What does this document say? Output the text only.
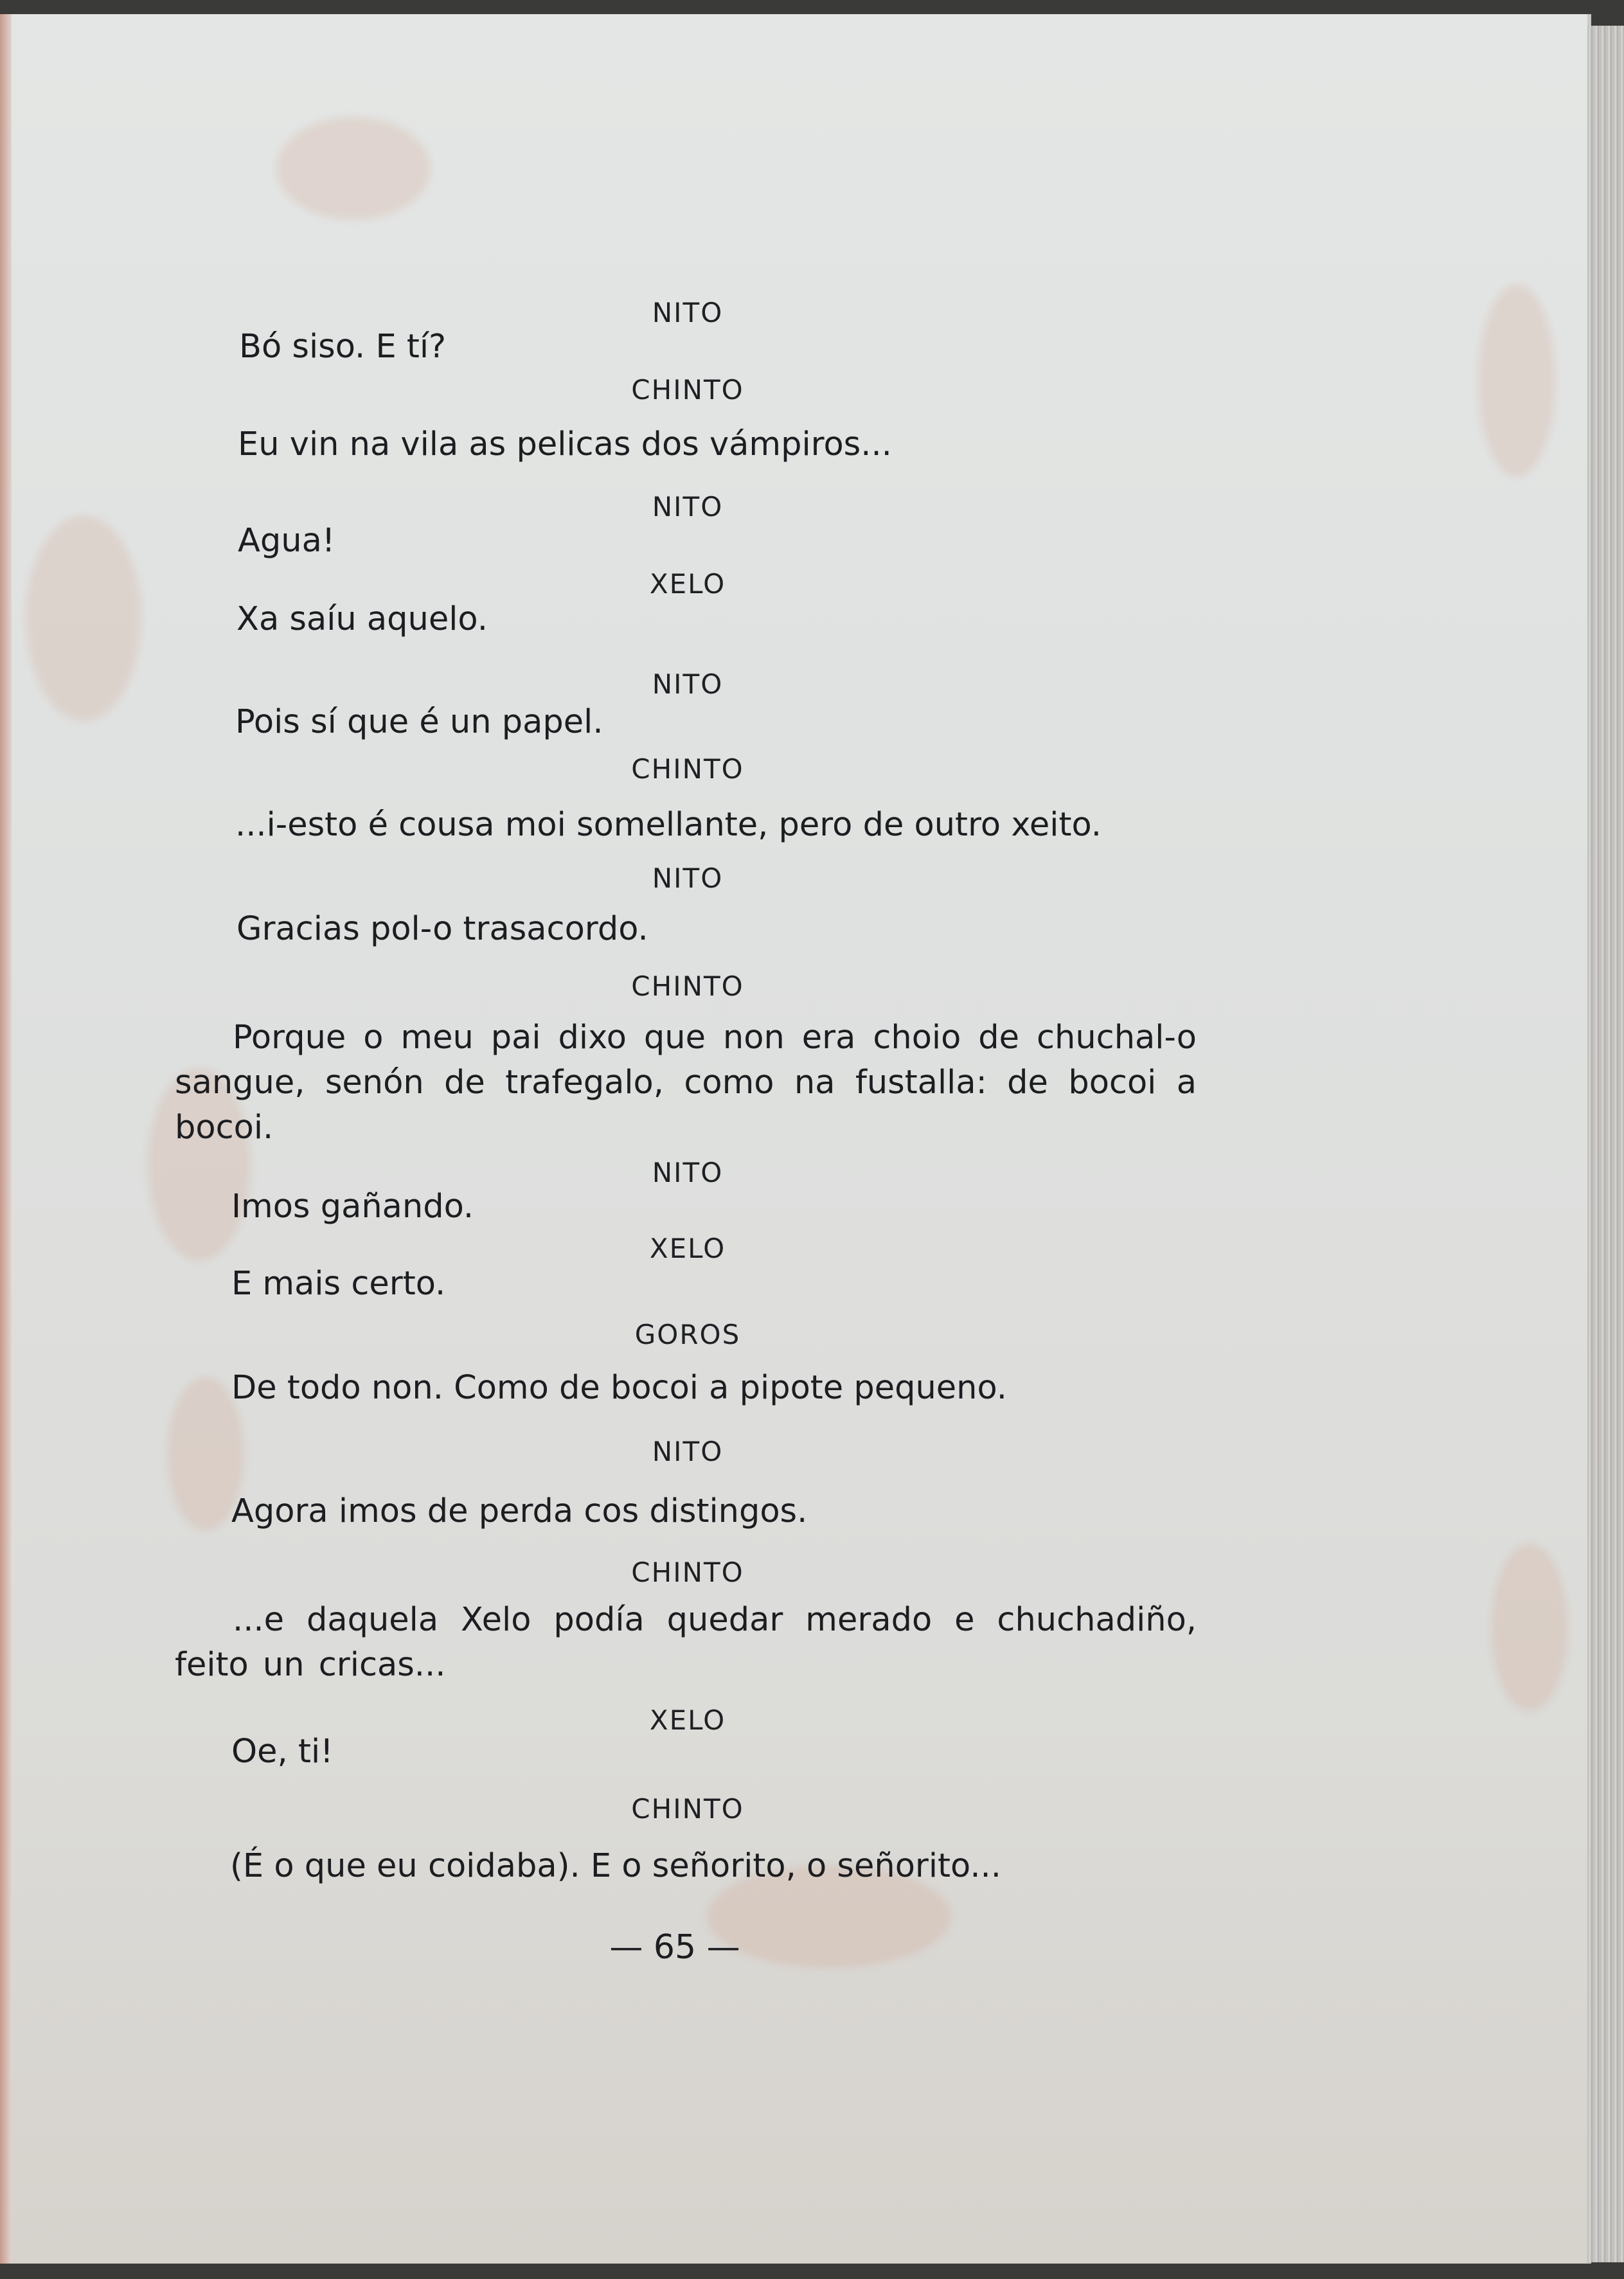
NITO
Bó siso. E tí?
CHINTO
Eu vin na vila as pelicas dos vámpiros...
NITO
Agua!
XELO
Xa saíu aquelo.
NITO
Pois sí que é un papel.
CHINTO
...i-esto é cousa moi somellante, pero de outro xeito.
NITO
Gracias pol-o trasacordo.
CHINTO
Porque o meu pai dixo que non era choio de chuchal-o sangue, senón de trafegalo, como na fustalla: de bocoi a bocoi.
NITO
Imos gañando.
XELO
E mais certo.
GOROS
De todo non. Como de bocoi a pipote pequeno.
NITO
Agora imos de perda cos distingos.
CHINTO
...e daquela Xelo podía quedar merado e chuchadiño, feito un cricas...
XELO
Oe, ti!
CHINTO
(É o que eu coidaba). E o señorito, o señorito...
— 65 —
